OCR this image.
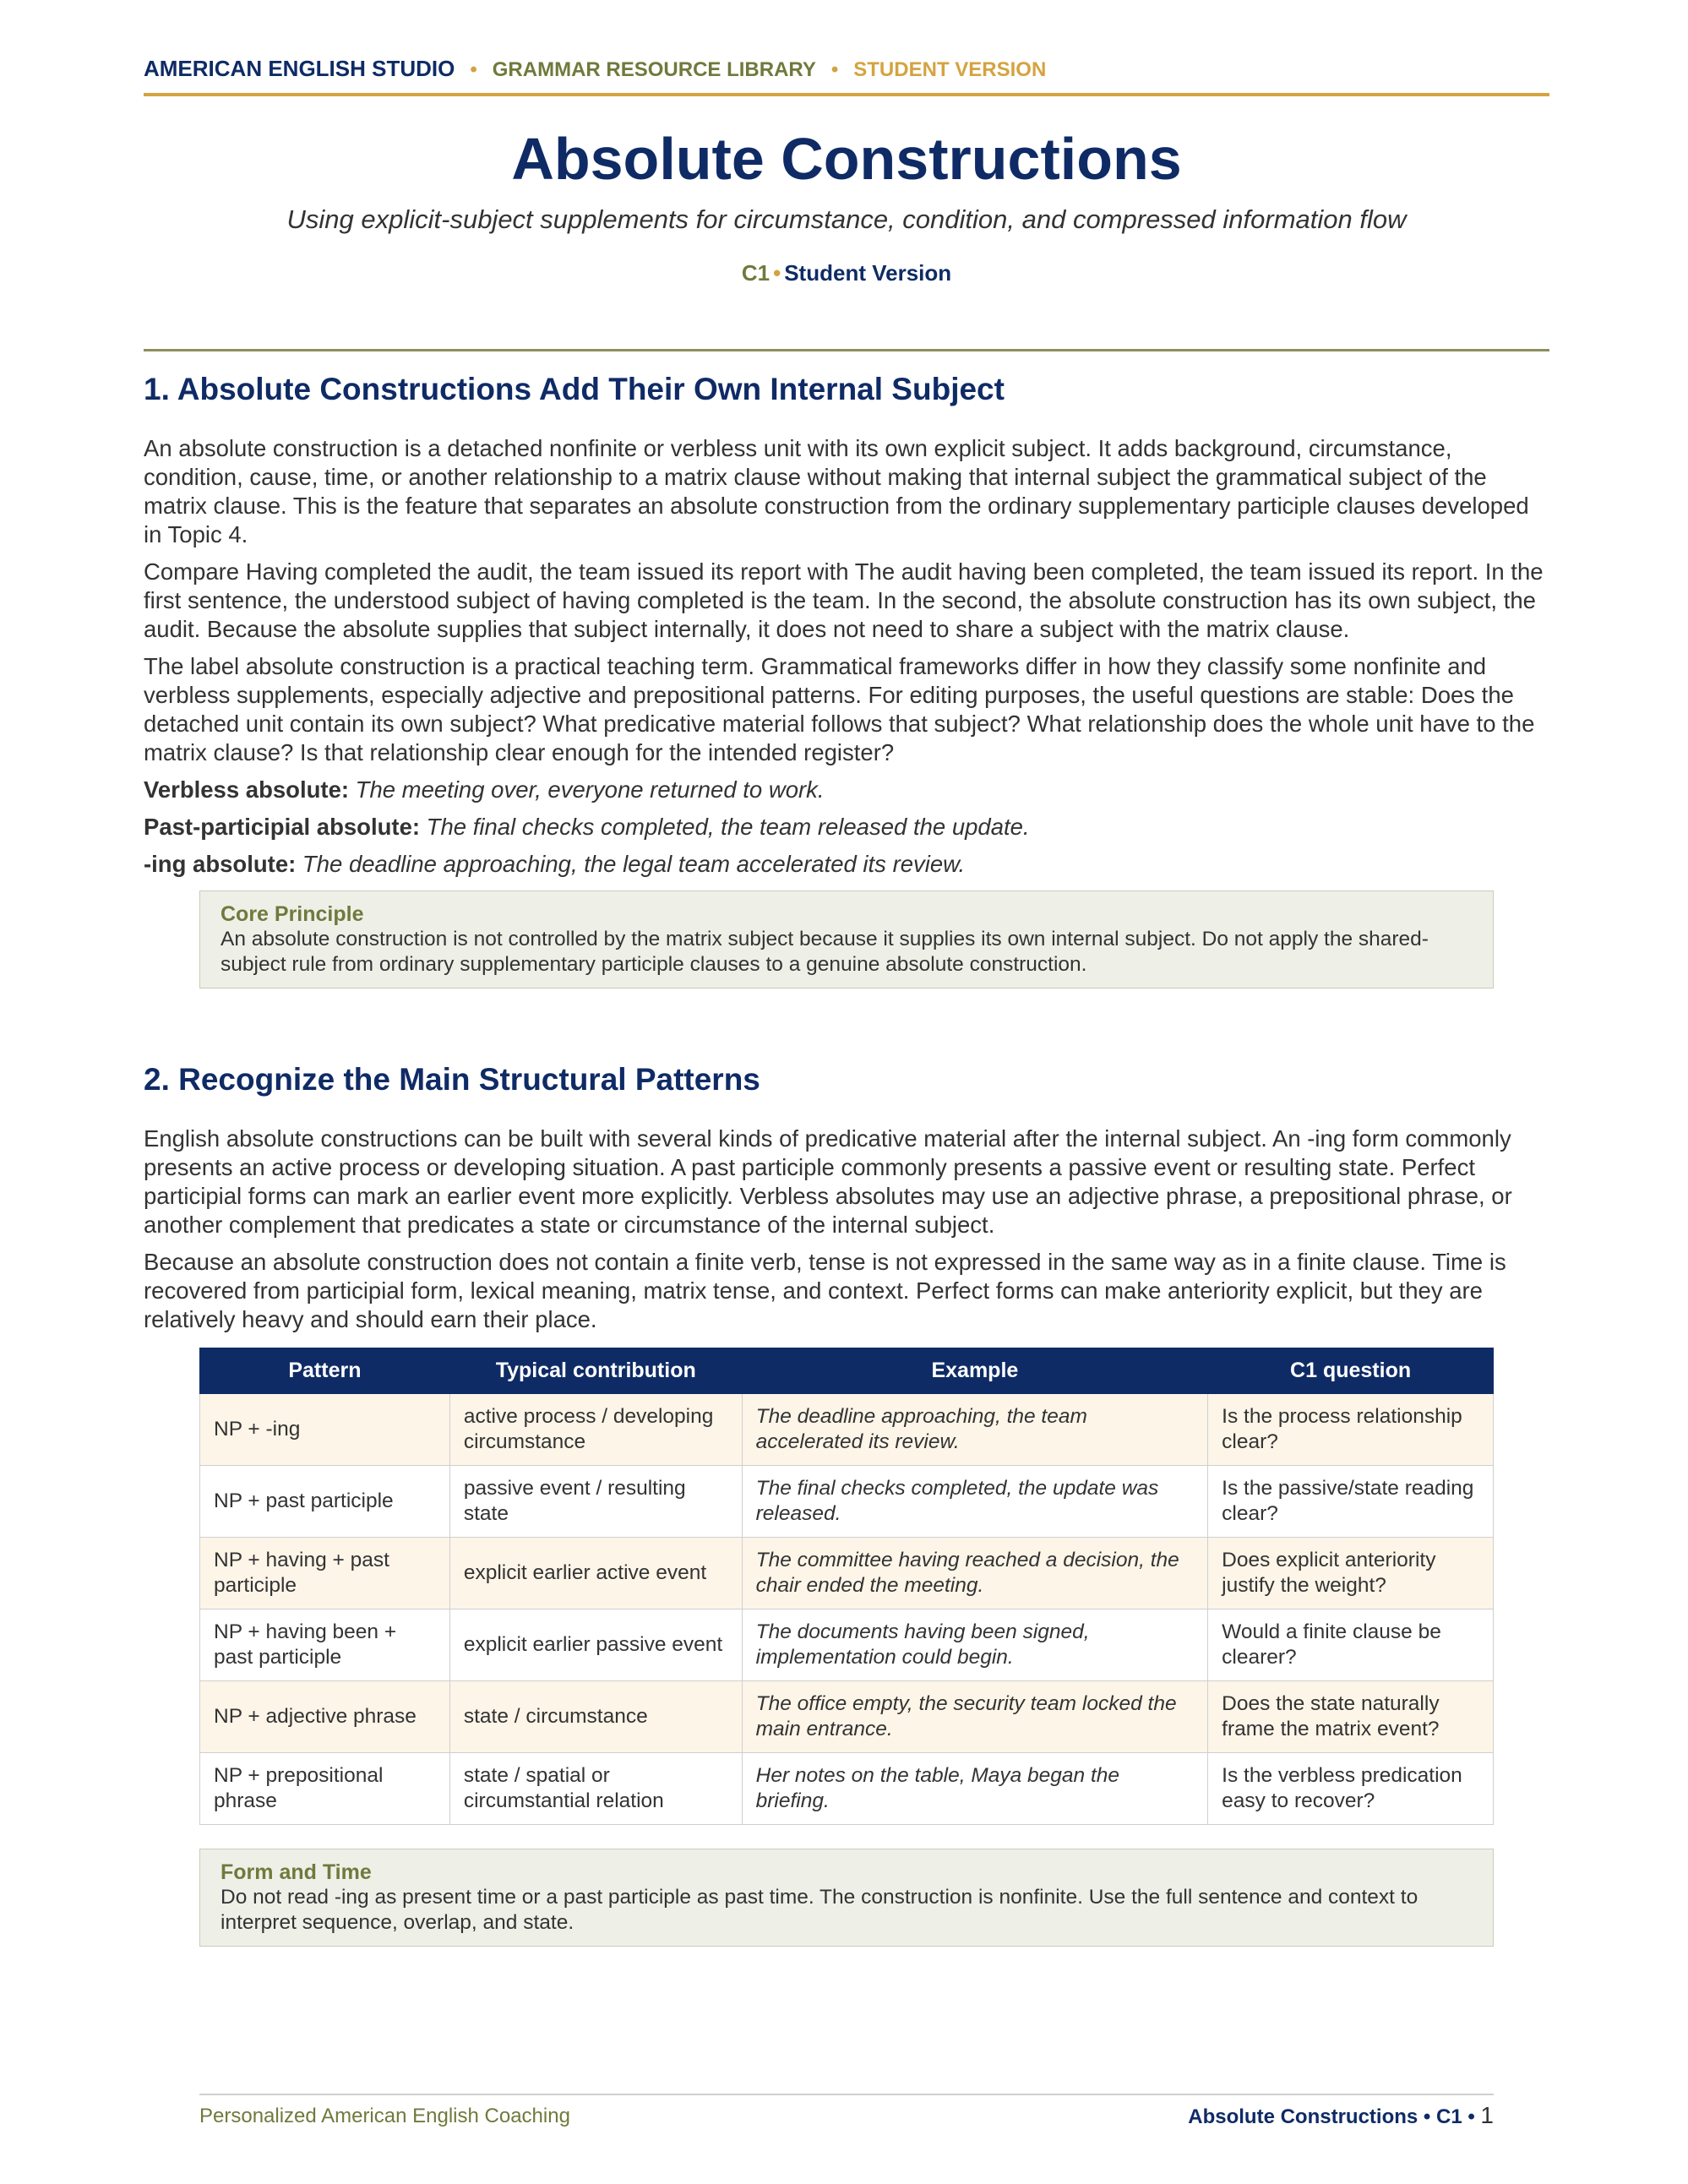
AMERICAN ENGLISH STUDIO • GRAMMAR RESOURCE LIBRARY • STUDENT VERSION
Absolute Constructions
Using explicit-subject supplements for circumstance, condition, and compressed information flow
C1 • Student Version
1. Absolute Constructions Add Their Own Internal Subject

An absolute construction is a detached nonfinite or verbless unit with its own explicit subject. It adds background, circumstance, condition, cause, time, or another relationship to a matrix clause without making that internal subject the grammatical subject of the matrix clause. This is the feature that separates an absolute construction from the ordinary supplementary participle clauses developed in Topic 4.

Compare Having completed the audit, the team issued its report with The audit having been completed, the team issued its report. In the first sentence, the understood subject of having completed is the team. In the second, the absolute construction has its own subject, the audit. Because the absolute supplies that subject internally, it does not need to share a subject with the matrix clause.

The label absolute construction is a practical teaching term. Grammatical frameworks differ in how they classify some nonfinite and verbless supplements, especially adjective and prepositional patterns. For editing purposes, the useful questions are stable: Does the detached unit contain its own subject? What predicative material follows that subject? What relationship does the whole unit have to the matrix clause? Is that relationship clear enough for the intended register?

Verbless absolute: The meeting over, everyone returned to work.
Past-participial absolute: The final checks completed, the team released the update.
-ing absolute: The deadline approaching, the legal team accelerated its review.
Core Principle
An absolute construction is not controlled by the matrix subject because it supplies its own internal subject. Do not apply the shared-subject rule from ordinary supplementary participle clauses to a genuine absolute construction.
2. Recognize the Main Structural Patterns

English absolute constructions can be built with several kinds of predicative material after the internal subject. An -ing form commonly presents an active process or developing situation. A past participle commonly presents a passive event or resulting state. Perfect participial forms can mark an earlier event more explicitly. Verbless absolutes may use an adjective phrase, a prepositional phrase, or another complement that predicates a state or circumstance of the internal subject.

Because an absolute construction does not contain a finite verb, tense is not expressed in the same way as in a finite clause. Time is recovered from participial form, lexical meaning, matrix tense, and context. Perfect forms can make anteriority explicit, but they are relatively heavy and should earn their place.

Pattern	Typical contribution	Example	C1 question
NP + -ing	active process / developing circumstance	The deadline approaching, the team accelerated its review.	Is the process relationship clear?
NP + past participle	passive event / resulting state	The final checks completed, the update was released.	Is the passive/state reading clear?
NP + having + past participle	explicit earlier active event	The committee having reached a decision, the chair ended the meeting.	Does explicit anteriority justify the weight?
NP + having been + past participle	explicit earlier passive event	The documents having been signed, implementation could begin.	Would a finite clause be clearer?
NP + adjective phrase	state / circumstance	The office empty, the security team locked the main entrance.	Does the state naturally frame the matrix event?
NP + prepositional phrase	state / spatial or circumstantial relation	Her notes on the table, Maya began the briefing.	Is the verbless predication easy to recover?
Form and Time
Do not read -ing as present time or a past participle as past time. The construction is nonfinite. Use the full sentence and context to interpret sequence, overlap, and state.
Personalized American English Coaching	Absolute Constructions • C1 • 1
